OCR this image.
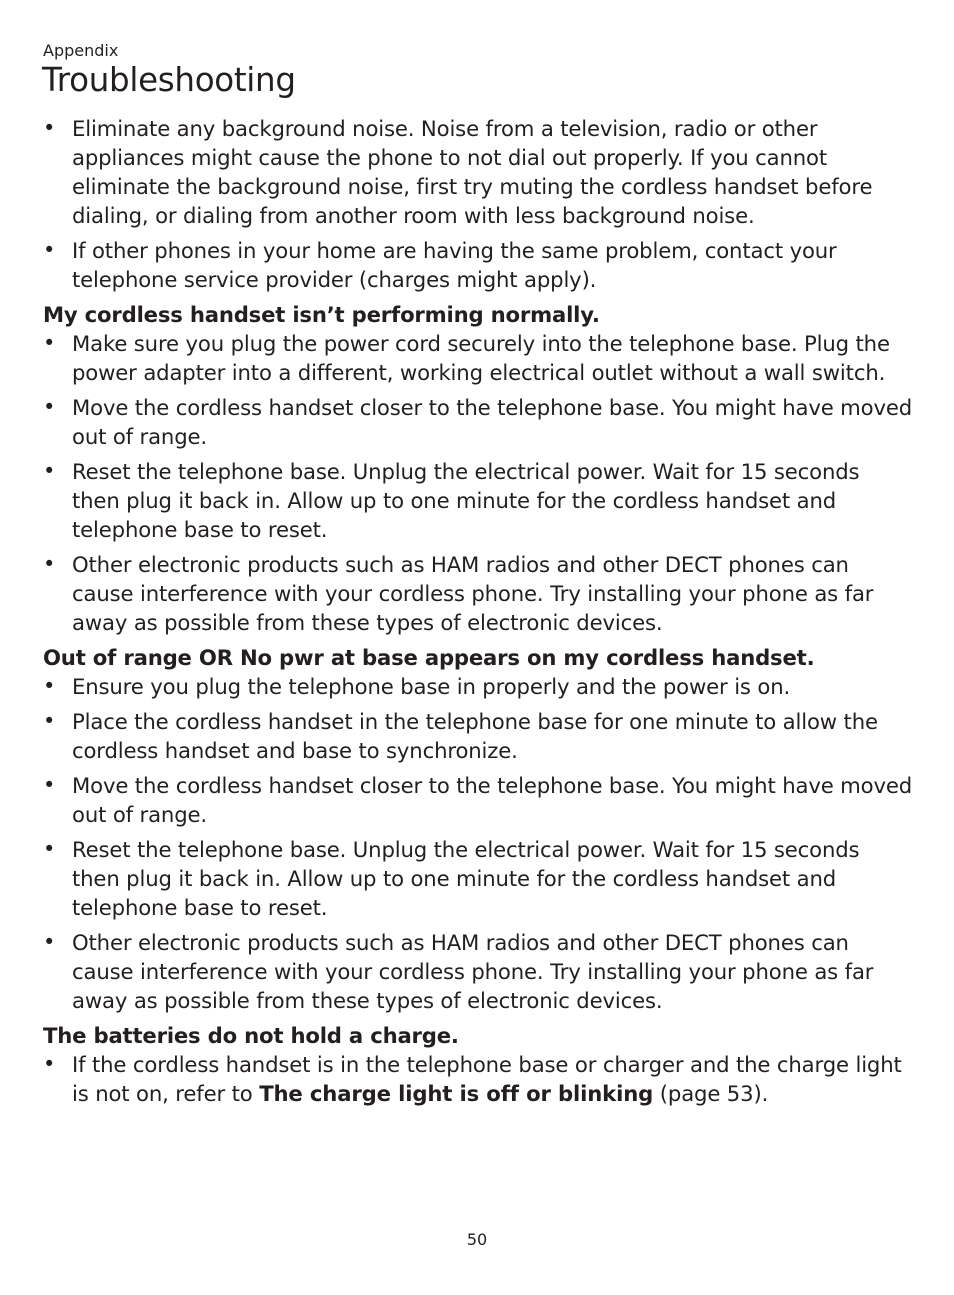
Appendix
Troubleshooting
• Eliminate any background noise. Noise from a television, radio or other appliances might cause the phone to not dial out properly. If you cannot eliminate the background noise, first try muting the cordless handset before dialing, or dialing from another room with less background noise.
• If other phones in your home are having the same problem, contact your telephone service provider (charges might apply).
My cordless handset isn’t performing normally.
• Make sure you plug the power cord securely into the telephone base. Plug the power adapter into a different, working electrical outlet without a wall switch.
• Move the cordless handset closer to the telephone base. You might have moved out of range.
• Reset the telephone base. Unplug the electrical power. Wait for 15 seconds then plug it back in. Allow up to one minute for the cordless handset and telephone base to reset.
• Other electronic products such as HAM radios and other DECT phones can cause interference with your cordless phone. Try installing your phone as far away as possible from these types of electronic devices.
Out of range OR No pwr at base appears on my cordless handset.
• Ensure you plug the telephone base in properly and the power is on.
• Place the cordless handset in the telephone base for one minute to allow the cordless handset and base to synchronize.
• Move the cordless handset closer to the telephone base. You might have moved out of range.
• Reset the telephone base. Unplug the electrical power. Wait for 15 seconds then plug it back in. Allow up to one minute for the cordless handset and telephone base to reset.
• Other electronic products such as HAM radios and other DECT phones can cause interference with your cordless phone. Try installing your phone as far away as possible from these types of electronic devices.
The batteries do not hold a charge.
• If the cordless handset is in the telephone base or charger and the charge light is not on, refer to The charge light is off or blinking (page 53).
50
